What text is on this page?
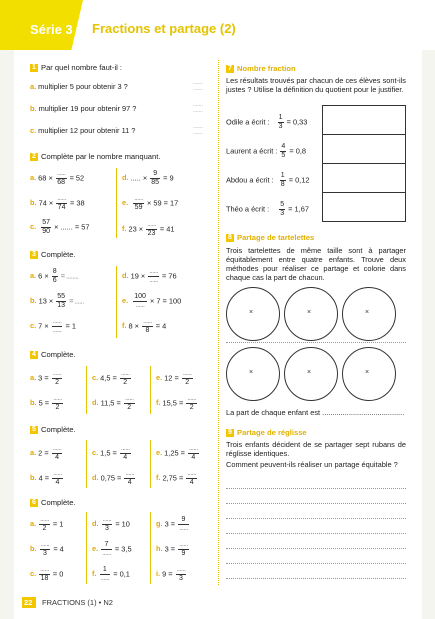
Série 3 Fractions et partage (2)
1 Par quel nombre faut-il :
a. multiplier 5 pour obtenir 3 ?
b. multiplier 19 pour obtenir 97 ?
c. multiplier 12 pour obtenir 11 ?
.......
.......
.......
.......
.......
.......
2 Complète par le nombre manquant.
a. $68 \times \frac{......}{68} = 52$
b. $74 \times \frac{......}{74} = 38$
c. $\frac{57}{90}$ × ...... = 57
d. ..... × $\frac{9}{85} = 9$
e. $\frac{......}{59} \times 59 = 17$
f. $23 \times \frac{......}{23} = 41$
3 Complète.
a. $6 \times \frac{8}{6}$ = ........
b. $13 \times \frac{55}{13}$ = ......
c. $7 \times \frac{......}{......} = 1$
d. $19 \times \frac{......}{......} = 76$
e. $\frac{100}{......} \times 7 = 100$
f. $8 \times \frac{......}{8} = 4$
4 Complète.
a. $3 = \frac{......}{2}$
b. $5 = \frac{......}{2}$
c. $4,5 = \frac{......}{2}$
d. $11,5 = \frac{......}{2}$
e. $12 = \frac{......}{2}$
f. $15,5 = \frac{......}{2}$
5 Complète.
a. $2 = \frac{......}{4}$
b. $4 = \frac{......}{4}$
c. $1,5 = \frac{......}{4}$
d. $0,75 = \frac{......}{4}$
e. $1,25 = \frac{......}{4}$
f. $2,75 = \frac{......}{4}$
6 Complète.
a. $\frac{......}{2} = 1$
b. $\frac{......}{3} = 4$
c. $\frac{......}{18} = 0$
d. $\frac{......}{3} = 10$
e. $\frac{7}{......} = 3,5$
f. $\frac{1}{......} = 0,1$
g. $3 = \frac{9}{......}$
h. $3 = \frac{......}{9}$
i. $9 = \frac{......}{3}$
7 Nombre fraction
Les résultats trouvés par chacun de ces élèves sont-ils justes ? Utilise la définition du quotient pour le justifier.
Odile a écrit : $\frac{1}{3} = 0,33$
Laurent a écrit : $\frac{4}{5} = 0,8$
Abdou a écrit : $\frac{1}{8} = 0,12$
Théo a écrit : $\frac{5}{3} = 1,67$
8 Partage de tartelettes
Trois tartelettes de même taille sont à partager équitablement entre quatre enfants. Trouve deux méthodes pour réaliser ce partage et colorie dans chaque cas la part de chacun.
×	×	×
×	×	×
La part de chaque enfant est ........................................
9 Partage de réglisse
Trois enfants décident de se partager sept rubans de réglisse identiques.
Comment peuvent-ils réaliser un partage équitable ?
22 FRACTIONS (1) • N2
